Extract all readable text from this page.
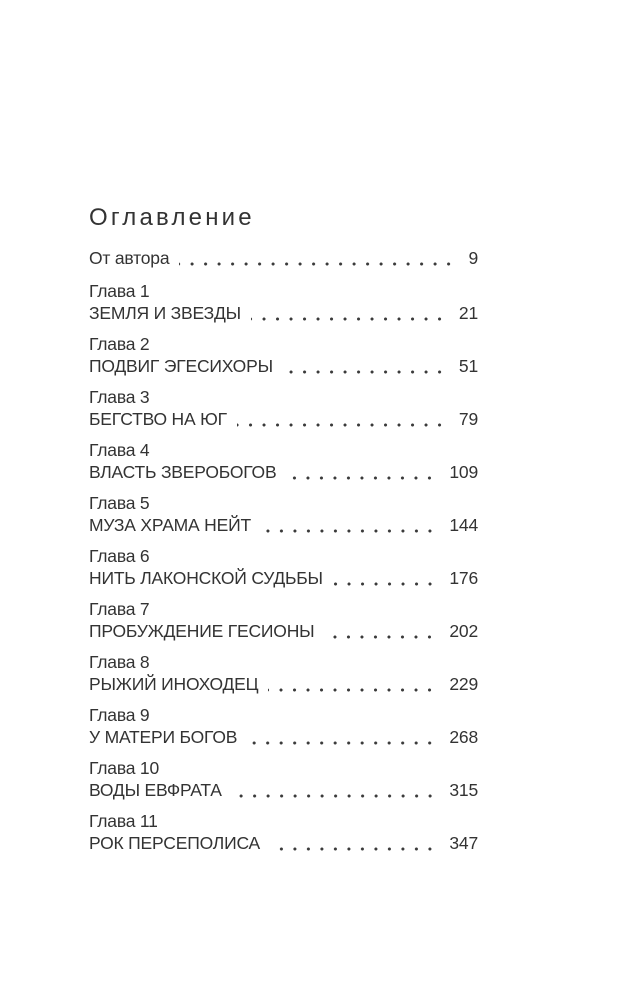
Оглавление
От автора	9
Глава 1
ЗЕМЛЯ И ЗВЕЗДЫ	21
Глава 2
ПОДВИГ ЭГЕСИХОРЫ	51
Глава 3
БЕГСТВО НА ЮГ	79
Глава 4
ВЛАСТЬ ЗВЕРОБОГОВ	109
Глава 5
МУЗА ХРАМА НЕЙТ	144
Глава 6
НИТЬ ЛАКОНСКОЙ СУДЬБЫ	176
Глава 7
ПРОБУЖДЕНИЕ ГЕСИОНЫ	202
Глава 8
РЫЖИЙ ИНОХОДЕЦ	229
Глава 9
У МАТЕРИ БОГОВ	268
Глава 10
ВОДЫ ЕВФРАТА	315
Глава 11
РОК ПЕРСЕПОЛИСА	347
